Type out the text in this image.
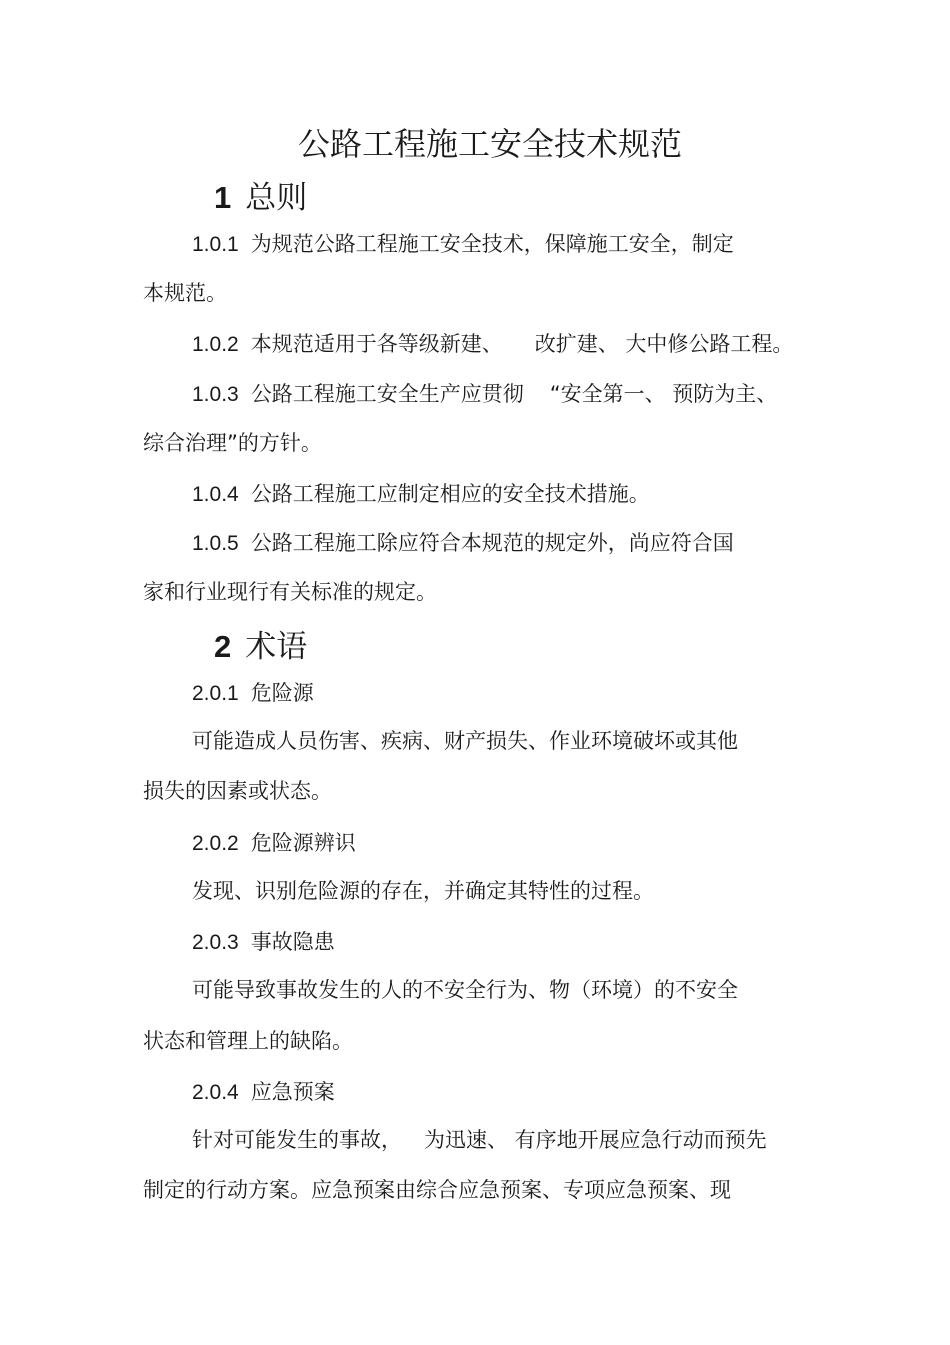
公路工程施工安全技术规范
1 总则
1.0.1 为规范公路工程施工安全技术，保障施工安全，制定
本规范。
1.0.2 本规范适用于各等级新建、 改扩建、 大中修公路工程。
1.0.3 公路工程施工安全生产应贯彻 “安全第一、 预防为主、
综合治理”的方针。
1.0.4 公路工程施工应制定相应的安全技术措施。
1.0.5 公路工程施工除应符合本规范的规定外，尚应符合国
家和行业现行有关标准的规定。
2 术语
2.0.1 危险源
可能造成人员伤害、疾病、财产损失、作业环境破坏或其他
损失的因素或状态。
2.0.2 危险源辨识
发现、识别危险源的存在，并确定其特性的过程。
2.0.3 事故隐患
可能导致事故发生的人的不安全行为、物（环境）的不安全
状态和管理上的缺陷。
2.0.4 应急预案
针对可能发生的事故， 为迅速、 有序地开展应急行动而预先
制定的行动方案。应急预案由综合应急预案、专项应急预案、现
